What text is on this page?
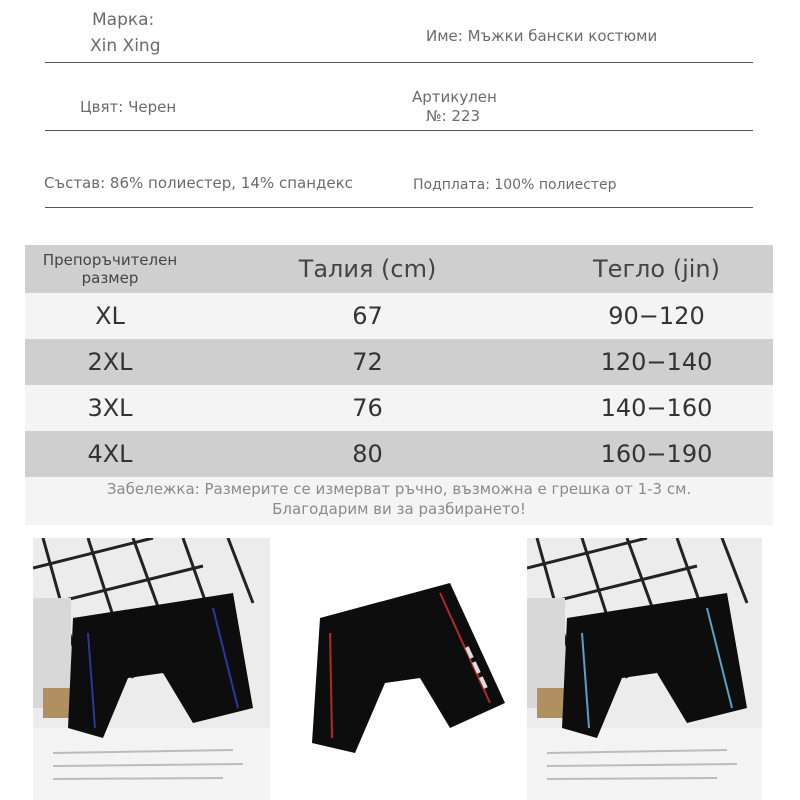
Марка:
Xin Xing	Име: Мъжки бански костюми
Цвят: Черен
Артикулен
№: 223
Състав: 86% полиестер, 14% спандекс	Подплата: 100% полиестер
Препоръчителен
размер	Талия (cm)	Тегло (jin)
XL	67	90−120
2XL	72	120−140
3XL	76	140−160
4XL	80	160−190
Забележка: Размерите се измерват ръчно, възможна е грешка от 1-3 см.
Благодарим ви за разбирането!
